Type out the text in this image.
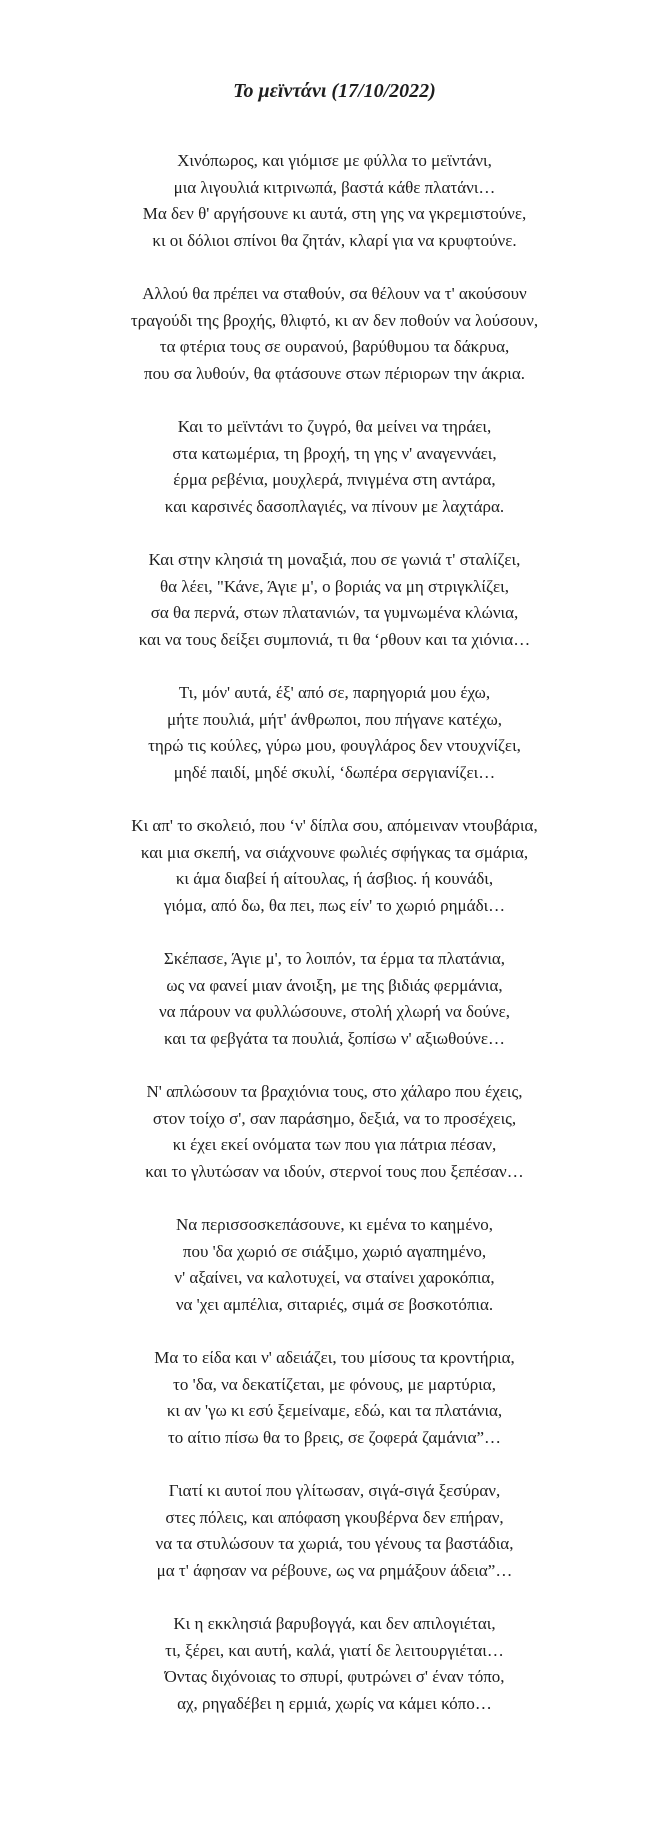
Το μεϊντάνι (17/10/2022)
Χινόπωρος, και γιόμισε με φύλλα το μεϊντάνι,
μια λιγουλιά κιτρινωπά, βαστά κάθε πλατάνι…
Μα δεν θ' αργήσουνε κι αυτά, στη γης να γκρεμιστούνε,
κι οι δόλιοι σπίνοι θα ζητάν, κλαρί για να κρυφτούνε.
Αλλού θα πρέπει να σταθούν, σα θέλουν να τ' ακούσουν
τραγούδι της βροχής, θλιφτό, κι αν δεν ποθούν να λούσουν,
τα φτέρια τους σε ουρανού, βαρύθυμου τα δάκρυα,
που σα λυθούν, θα φτάσουνε στων πέριορων την άκρια.
Και το μεϊντάνι το ζυγρό, θα μείνει να τηράει,
στα κατωμέρια, τη βροχή, τη γης ν' αναγεννάει,
έρμα ρεβένια, μουχλερά, πνιγμένα στη αντάρα,
και καρσινές δασοπλαγιές, να πίνουν με λαχτάρα.
Και στην κλησιά τη μοναξιά, που σε γωνιά τ' σταλίζει,
θα λέει, "Κάνε, Άγιε μ', ο βοριάς να μη στριγκλίζει,
σα θα περνά, στων πλατανιών, τα γυμνωμένα κλώνια,
και να τους δείξει συμπονιά, τι θα ‘ρθουν και τα χιόνια…
Τι, μόν' αυτά, έξ' από σε, παρηγοριά μου έχω,
μήτε πουλιά, μήτ' άνθρωποι, που πήγανε κατέχω,
τηρώ τις κούλες, γύρω μου, φουγλάρος δεν ντουχνίζει,
μηδέ παιδί, μηδέ σκυλί, ‘δωπέρα σεργιανίζει…
Κι απ' το σκολειό, που ‘ν' δίπλα σου, απόμειναν ντουβάρια,
και μια σκεπή, να σιάχνουνε φωλιές σφήγκας τα σμάρια,
κι άμα διαβεί ή αίτουλας, ή άσβιος. ή κουνάδι,
γιόμα, από δω, θα πει, πως είν' το χωριό ρημάδι…
Σκέπασε, Άγιε μ', το λοιπόν, τα έρμα τα πλατάνια,
ως να φανεί μιαν άνοιξη, με της βιδιάς φερμάνια,
να πάρουν να φυλλώσουνε, στολή χλωρή να δούνε,
και τα φεβγάτα τα πουλιά, ξοπίσω ν' αξιωθούνε…
Ν' απλώσουν τα βραχιόνια τους, στο χάλαρο που έχεις,
στον τοίχο σ', σαν παράσημο, δεξιά, να το προσέχεις,
κι έχει εκεί ονόματα των που για πάτρια πέσαν,
και το γλυτώσαν να ιδούν, στερνοί τους που ξεπέσαν…
Να περισσοσκεπάσουνε, κι εμένα το καημένο,
που 'δα χωριό σε σιάξιμο, χωριό αγαπημένο,
ν' αξαίνει, να καλοτυχεί, να σταίνει χαροκόπια,
να 'χει αμπέλια, σιταριές, σιμά σε βοσκοτόπια.
Μα το είδα και ν' αδειάζει, του μίσους τα κροντήρια,
το 'δα, να δεκατίζεται, με φόνους, με μαρτύρια,
κι αν 'γω κι εσύ ξεμείναμε, εδώ, και τα πλατάνια,
το αίτιο πίσω θα το βρεις, σε ζοφερά ζαμάνια”…
Γιατί κι αυτοί που γλίτωσαν, σιγά-σιγά ξεσύραν,
στες πόλεις, και απόφαση γκουβέρνα δεν επήραν,
να τα στυλώσουν τα χωριά, του γένους τα βαστάδια,
μα τ' άφησαν να ρέβουνε, ως να ρημάξουν άδεια”…
Κι η εκκλησιά βαρυβογγά, και δεν απιλογιέται,
τι, ξέρει, και αυτή, καλά, γιατί δε λειτουργιέται…
Όντας διχόνοιας το σπυρί, φυτρώνει σ' έναν τόπο,
αχ, ρηγαδέβει η ερμιά, χωρίς να κάμει κόπο…
